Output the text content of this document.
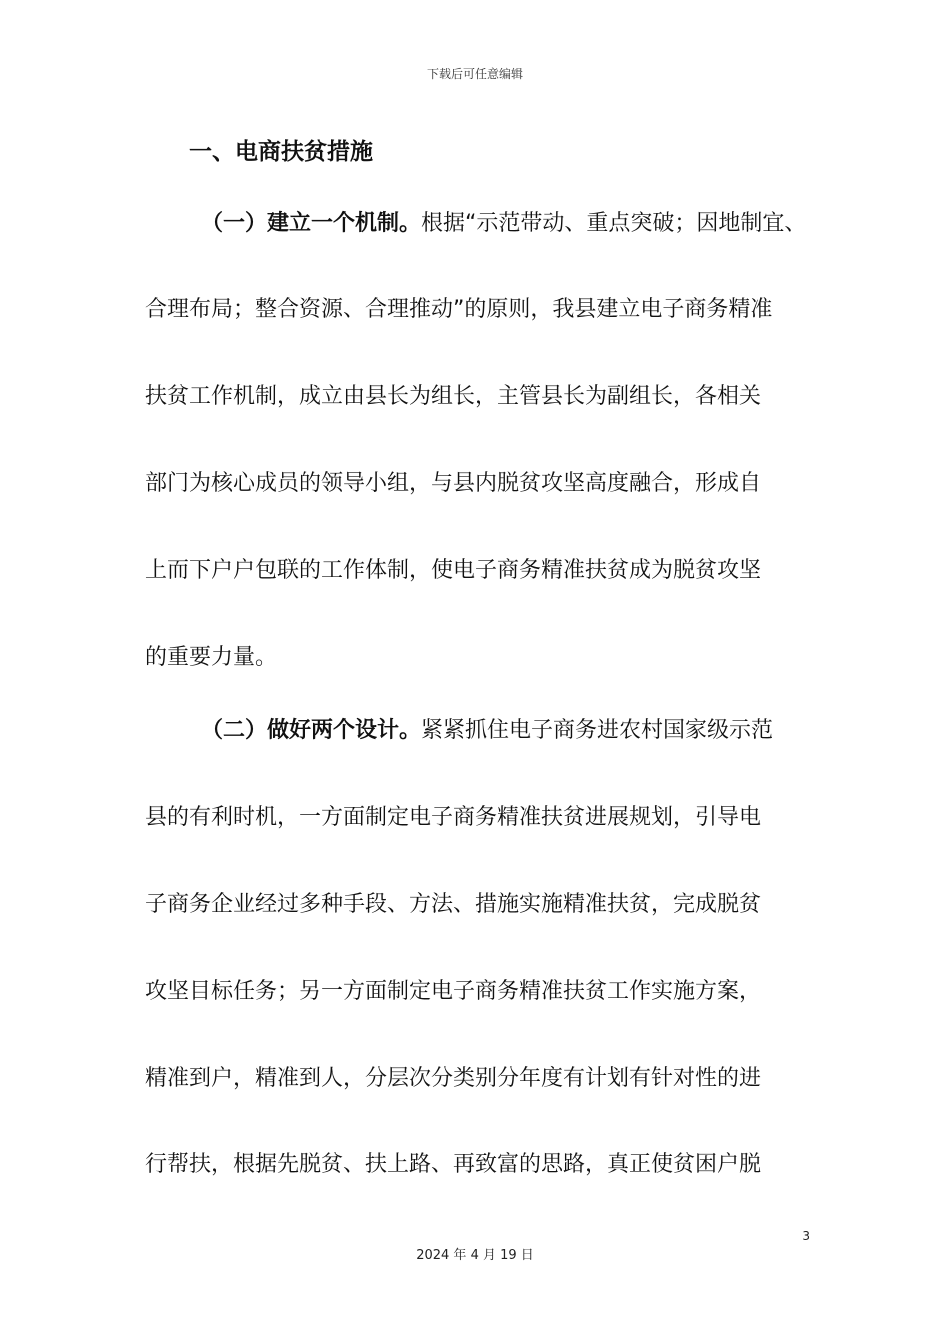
下载后可任意编辑
一、电商扶贫措施
（一）建立一个机制。根据“示范带动、重点突破；因地制宜、
合理布局；整合资源、合理推动”的原则，我县建立电子商务精准
扶贫工作机制，成立由县长为组长，主管县长为副组长，各相关
部门为核心成员的领导小组，与县内脱贫攻坚高度融合，形成自
上而下户户包联的工作体制，使电子商务精准扶贫成为脱贫攻坚
的重要力量。
（二）做好两个设计。紧紧抓住电子商务进农村国家级示范
县的有利时机，一方面制定电子商务精准扶贫进展规划，引导电
子商务企业经过多种手段、方法、措施实施精准扶贫，完成脱贫
攻坚目标任务；另一方面制定电子商务精准扶贫工作实施方案，
精准到户，精准到人，分层次分类别分年度有计划有针对性的进
行帮扶，根据先脱贫、扶上路、再致富的思路，真正使贫困户脱
3
2024 年 4 月 19 日
